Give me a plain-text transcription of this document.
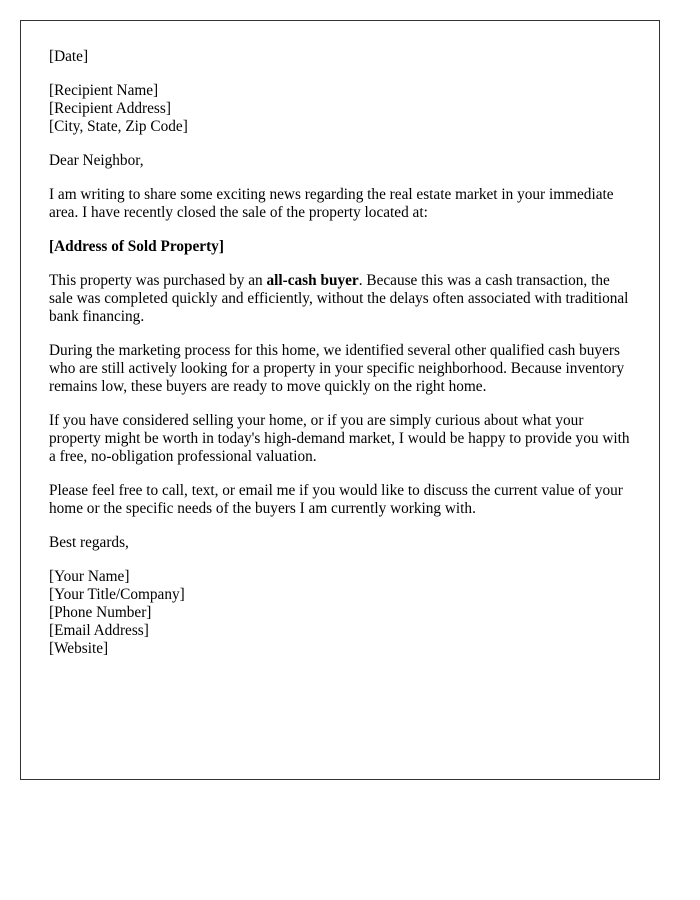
[Date]
[Recipient Name]
[Recipient Address]
[City, State, Zip Code]

Dear Neighbor,

I am writing to share some exciting news regarding the real estate market in your immediate area. I have recently closed the sale of the property located at:

[Address of Sold Property]

This property was purchased by an all-cash buyer. Because this was a cash transaction, the sale was completed quickly and efficiently, without the delays often associated with traditional bank financing.

During the marketing process for this home, we identified several other qualified cash buyers who are still actively looking for a property in your specific neighborhood. Because inventory remains low, these buyers are ready to move quickly on the right home.

If you have considered selling your home, or if you are simply curious about what your property might be worth in today's high-demand market, I would be happy to provide you with a free, no-obligation professional valuation.

Please feel free to call, text, or email me if you would like to discuss the current value of your home or the specific needs of the buyers I am currently working with.

Best regards,

[Your Name]
[Your Title/Company]
[Phone Number]
[Email Address]
[Website]
